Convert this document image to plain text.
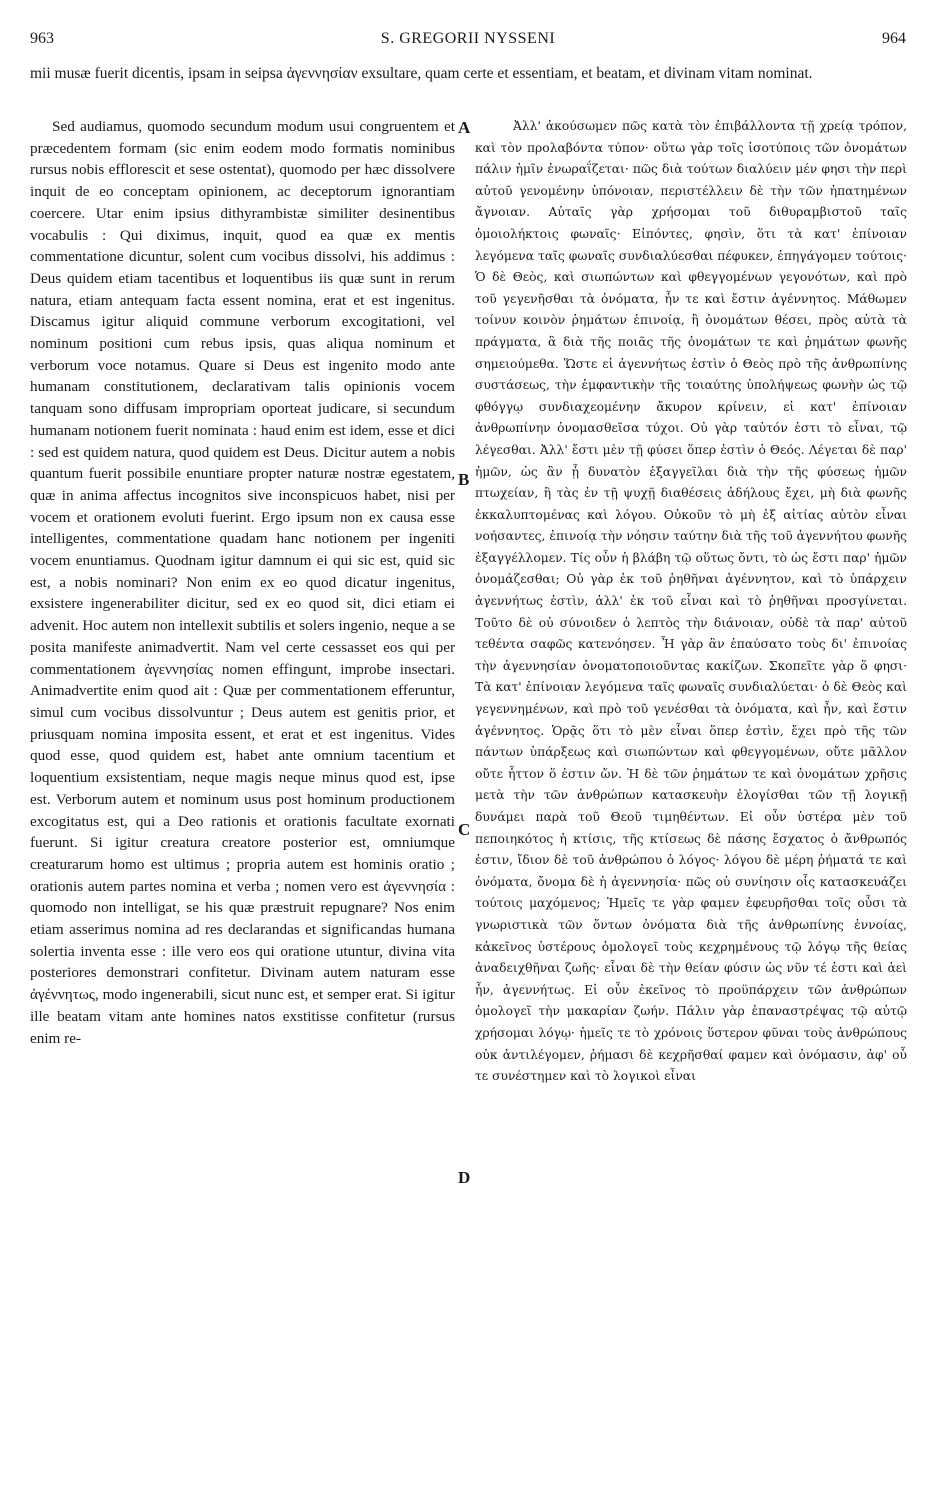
963	S. GREGORII NYSSENI	964
mii musæ fuerit dicentis, ipsam in seipsa ἀγεννησίαν exsultare, quam certe et essentiam, et beatam, et divinam vitam nominat.

Sed audiamus, quomodo secundum modum usui congruentem et præcedentem formam (sic enim eodem modo formatis nominibus rursus nobis efflorescit et sese ostentat), quomodo per hæc dissolvere inquit de eo conceptam opinionem, ac deceptorum ignorantiam coercere. Utar enim ipsius dithyrambistæ similiter desinentibus vocabulis : Qui diximus, inquit, quod ea quæ ex mentis commentatione dicuntur, solent cum vocibus dissolvi, his addimus : Deus quidem etiam tacentibus et loquentibus iis quæ sunt in rerum natura, etiam antequam facta essent nomina, erat et est ingenitus. Discamus igitur aliquid commune verborum excogitationi, vel nominum positioni cum rebus ipsis, quas aliqua nominum et verborum voce notamus. Quare si Deus est ingenito modo ante humanam constitutionem, declarativam talis opinionis vocem tanquam sono diffusam impropriam oporteat judicare, si secundum humanam notionem fuerit nominata : haud enim est idem, esse et dici : sed est quidem natura, quod quidem est Deus. Dicitur autem a nobis quantum fuerit possibile enuntiare propter naturæ nostræ egestatem, quæ in anima affectus incognitos sive inconspicuos habet, nisi per vocem et orationem evoluti fuerint. Ergo ipsum non ex causa esse intelligentes, commentatione quadam hanc notionem per ingeniti vocem enuntiamus. Quodnam igitur damnum ei qui sic est, quid sic est, a nobis nominari? Non enim ex eo quod dicatur ingenitus, exsistere ingenerabiliter dicitur, sed ex eo quod sit, dici etiam ei advenit. Hoc autem non intellexit subtilis et solers ingenio, neque a se posita manifeste animadvertit. Nam vel certe cessasset eos qui per commentationem ἀγεννησίας nomen effingunt, improbe insectari. Animadvertite enim quod ait : Quæ per commentationem efferuntur, simul cum vocibus dissolvuntur ; Deus autem est genitis prior, et priusquam nomina imposita essent, et erat et est ingenitus. Vides quod esse, quod quidem est, habet ante omnium tacentium et loquentium exsistentiam, neque magis neque minus quod est, ipse est. Verborum autem et nominum usus post hominum productionem excogitatus est, qui a Deo rationis et orationis facultate exornati fuerunt. Si igitur creatura creatore posterior est, omniumque creaturarum homo est ultimus ; propria autem est hominis oratio ; orationis autem partes nomina et verba ; nomen vero est ἀγεννησία : quomodo non intelligat, se his quæ præstruit repugnare? Nos enim etiam asserimus nomina ad res declarandas et significandas humana solertia inventa esse : ille vero eos qui oratione utuntur, divina vita posteriores demonstrari confitetur. Divinam autem naturam esse ἀγέννητως, modo ingenerabili, sicut nunc est, et semper erat. Si igitur ille beatam vitam ante homines natos exstitisse confitetur (rursus enim re-

Ἀλλ' ἀκούσωμεν πῶς κατὰ τὸν ἐπιβάλλοντα τῇ χρείᾳ τρόπον, καὶ τὸν προλαβόντα τύπον· οὕτω γὰρ τοῖς ἰσοτύποις τῶν ὀνομάτων πάλιν ἡμῖν ἐνωραΐζεται· πῶς διὰ τούτων διαλύειν μέν φησι τὴν περὶ αὐτοῦ γενομένην ὑπόνοιαν, περιστέλλειν δὲ τὴν τῶν ἠπατημένων ἄγνοιαν. Αὐταῖς γὰρ χρήσομαι τοῦ διθυραμβιστοῦ ταῖς ὁμοιολήκτοις φωναῖς· Εἰπόντες, φησὶν, ὅτι τὰ κατ' ἐπίνοιαν λεγόμενα ταῖς φωναῖς συνδιαλύεσθαι πέφυκεν, ἐπηγάγομεν τούτοις· Ὁ δὲ Θεὸς, καὶ σιωπώντων καὶ φθεγγομένων γεγονότων, καὶ πρὸ τοῦ γεγενῆσθαι τὰ ὀνόματα, ἦν τε καὶ ἔστιν ἀγέννητος. Μάθωμεν τοίνυν κοινὸν ῥημάτων ἐπινοίᾳ, ἢ ὀνομάτων θέσει, πρὸς αὐτὰ τὰ πράγματα, ἃ διὰ τῆς ποιᾶς τῆς ὀνομάτων τε καὶ ῥημάτων φωνῆς σημειούμεθα. Ὥστε εἰ ἀγεννήτως ἐστὶν ὁ Θεὸς πρὸ τῆς ἀνθρωπίνης συστάσεως, τὴν ἐμφαντικὴν τῆς τοιαύτης ὑπολήψεως φωνὴν ὡς τῷ φθόγγῳ συνδιαχεομένην ἄκυρον κρίνειν, εἰ κατ' ἐπίνοιαν ἀνθρωπίνην ὀνομασθεῖσα τύχοι. Οὐ γὰρ ταὐτόν ἐστι τὸ εἶναι, τῷ λέγεσθαι. Ἀλλ' ἔστι μὲν τῇ φύσει ὅπερ ἐστὶν ὁ Θεός. Λέγεται δὲ παρ' ἡμῶν, ὡς ἂν ᾖ δυνατὸν ἐξαγγεῖλαι διὰ τὴν τῆς φύσεως ἡμῶν πτωχείαν, ἣ τὰς ἐν τῇ ψυχῇ διαθέσεις ἀδήλους ἔχει, μὴ διὰ φωνῆς ἐκκαλυπτομένας καὶ λόγου. Οὐκοῦν τὸ μὴ ἐξ αἰτίας αὐτὸν εἶναι νοήσαντες, ἐπινοίᾳ τὴν νόησιν ταύτην διὰ τῆς τοῦ ἀγεννήτου φωνῆς ἐξαγγέλλομεν. Τίς οὖν ἡ βλάβη τῷ οὕτως ὄντι, τὸ ὡς ἔστι παρ' ἡμῶν ὀνομάζεσθαι; Οὐ γὰρ ἐκ τοῦ ῥηθῆναι ἀγέννητον, καὶ τὸ ὑπάρχειν ἀγεννήτως ἐστὶν, ἀλλ' ἐκ τοῦ εἶναι καὶ τὸ ῥηθῆναι προσγίνεται. Τοῦτο δὲ οὐ σύνοιδεν ὁ λεπτὸς τὴν διάνοιαν, οὐδὲ τὰ παρ' αὐτοῦ τεθέντα σαφῶς κατενόησεν. Ἦ γὰρ ἂν ἐπαύσατο τοὺς δι' ἐπινοίας τὴν ἀγεννησίαν ὀνοματοποιοῦντας κακίζων. Σκοπεῖτε γὰρ ὅ φησι· Τὰ κατ' ἐπίνοιαν λεγόμενα ταῖς φωναῖς συνδιαλύεται· ὁ δὲ Θεὸς καὶ γεγεννημένων, καὶ πρὸ τοῦ γενέσθαι τὰ ὀνόματα, καὶ ἦν, καὶ ἔστιν ἀγέννητος. Ὁρᾷς ὅτι τὸ μὲν εἶναι ὅπερ ἐστὶν, ἔχει πρὸ τῆς τῶν πάντων ὑπάρξεως καὶ σιωπώντων καὶ φθεγγομένων, οὔτε μᾶλλον οὔτε ἧττον ὅ ἐστιν ὤν. Ἡ δὲ τῶν ῥημάτων τε καὶ ὀνομάτων χρῆσις μετὰ τὴν τῶν ἀνθρώπων κατασκευὴν ἐλογίσθαι τῶν τῇ λογικῇ δυνάμει παρὰ τοῦ Θεοῦ τιμηθέντων. Εἰ οὖν ὑστέρα μὲν τοῦ πεποιηκότος ἡ κτίσις, τῆς κτίσεως δὲ πάσης ἔσχατος ὁ ἄνθρωπός ἐστιν, ἴδιον δὲ τοῦ ἀνθρώπου ὁ λόγος· λόγου δὲ μέρη ῥήματά τε καὶ ὀνόματα, ὄνομα δὲ ἡ ἀγεννησία· πῶς οὐ συνίησιν οἷς κατασκευάζει τούτοις μαχόμενος; Ἡμεῖς τε γὰρ φαμεν ἐφευρῆσθαι τοῖς οὖσι τὰ γνωριστικὰ τῶν ὄντων ὀνόματα διὰ τῆς ἀνθρωπίνης ἐννοίας, κἀκεῖνος ὑστέρους ὁμολογεῖ τοὺς κεχρημένους τῷ λόγῳ τῆς θείας ἀναδειχθῆναι ζωῆς· εἶναι δὲ τὴν θείαν φύσιν ὡς νῦν τέ ἐστι καὶ ἀεὶ ἦν, ἀγεννήτως. Εἰ οὖν ἐκεῖνος τὸ προϋπάρχειν τῶν ἀνθρώπων ὁμολογεῖ τὴν μακαρίαν ζωήν. Πάλιν γὰρ ἐπαναστρέψας τῷ αὐτῷ χρήσομαι λόγῳ· ἡμεῖς τε τὸ χρόνοις ὕστερον φῦναι τοὺς ἀνθρώπους οὐκ ἀντιλέγομεν, ῥήμασι δὲ κεχρῆσθαί φαμεν καὶ ὀνόμασιν, ἀφ' οὗ τε συνέστημεν καὶ τὸ λογικοὶ εἶναι

A
B
C
D
